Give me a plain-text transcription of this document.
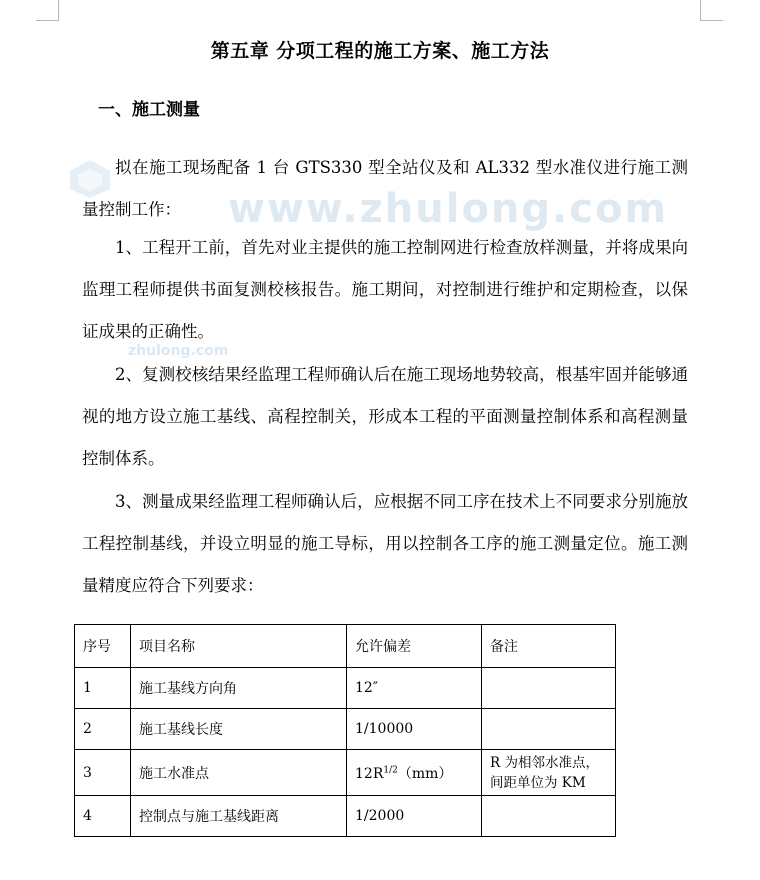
www.zhulong.com
zhulong.com
第五章 分项工程的施工方案、施工方法
一、施工测量

拟在施工现场配备 1 台 GTS330 型全站仪及和 AL332 型水准仪进行施工测量控制工作：

1、工程开工前，首先对业主提供的施工控制网进行检查放样测量，并将成果向监理工程师提供书面复测校核报告。施工期间，对控制进行维护和定期检查，以保证成果的正确性。

2、复测校核结果经监理工程师确认后在施工现场地势较高，根基牢固并能够通视的地方设立施工基线、高程控制关，形成本工程的平面测量控制体系和高程测量控制体系。

3、测量成果经监理工程师确认后，应根据不同工序在技术上不同要求分别施放工程控制基线，并设立明显的施工导标，用以控制各工序的施工测量定位。施工测量精度应符合下列要求：

序号	项目名称	允许偏差	备注
1	施工基线方向角	12″	
2	施工基线长度	1/10000	
3	施工水准点	$12R^{1/2}(mm)$	R 为相邻水准点，
间距单位为 KM

4	控制点与施工基线距离	1/2000	
